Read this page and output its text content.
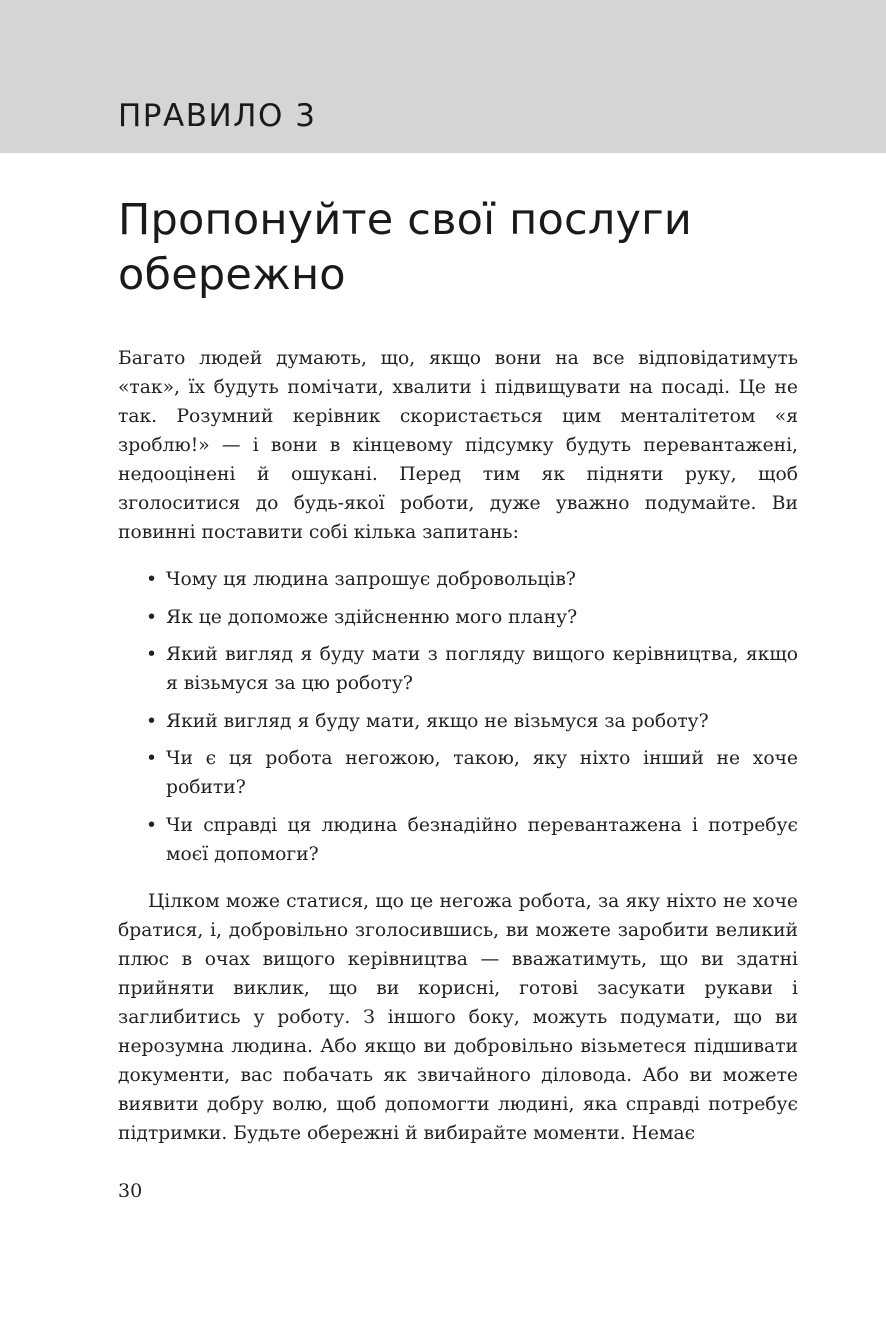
ПРАВИЛО 3
Пропонуйте свої послуги обережно

Багато людей думають, що, якщо вони на все відповідатимуть «так», їх будуть помічати, хвалити і підвищувати на посаді. Це не так. Розумний керівник скористається цим менталітетом «я зроблю!» — і вони в кінцевому підсумку будуть перевантажені, недооцінені й ошукані. Перед тим як підняти руку, щоб зголоситися до будь-якої роботи, дуже уважно подумайте. Ви повинні поставити собі кілька запитань:

• Чому ця людина запрошує добровольців?
• Як це допоможе здійсненню мого плану?
• Який вигляд я буду мати з погляду вищого керівництва, якщо я візьмуся за цю роботу?
• Який вигляд я буду мати, якщо не візьмуся за роботу?
• Чи є ця робота негожою, такою, яку ніхто інший не хоче робити?
• Чи справді ця людина безнадійно перевантажена і потребує моєї допомоги?

Цілком може статися, що це негожа робота, за яку ніхто не хоче братися, і, добровільно зголосившись, ви можете заробити великий плюс в очах вищого керівництва — вважатимуть, що ви здатні прийняти виклик, що ви корисні, готові засукати рукави і заглибитись у роботу. З іншого боку, можуть подумати, що ви нерозумна людина. Або якщо ви добровільно візьметеся підшивати документи, вас побачать як звичайного діловода. Або ви можете виявити добру волю, щоб допомогти людині, яка справді потребує підтримки. Будьте обережні й вибирайте моменти. Немає

30
